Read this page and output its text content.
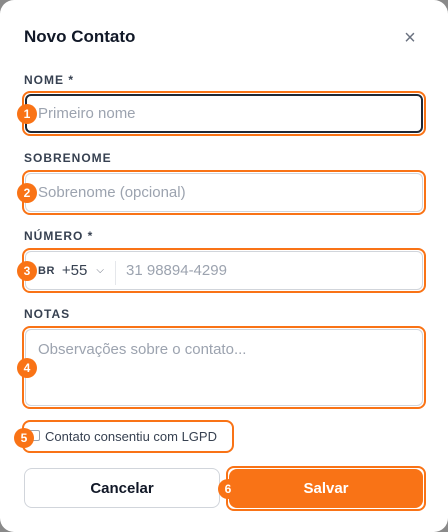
Novo Contato	×
NOME *
Primeiro nome
1
SOBRENOME
Sobrenome (opcional)
2
NÚMERO *
BR +55 ⌵
31 98894-4299
3
NOTAS
Observações sobre o contato...
4
Contato consentiu com LGPD
5
Cancelar	Salvar
6
